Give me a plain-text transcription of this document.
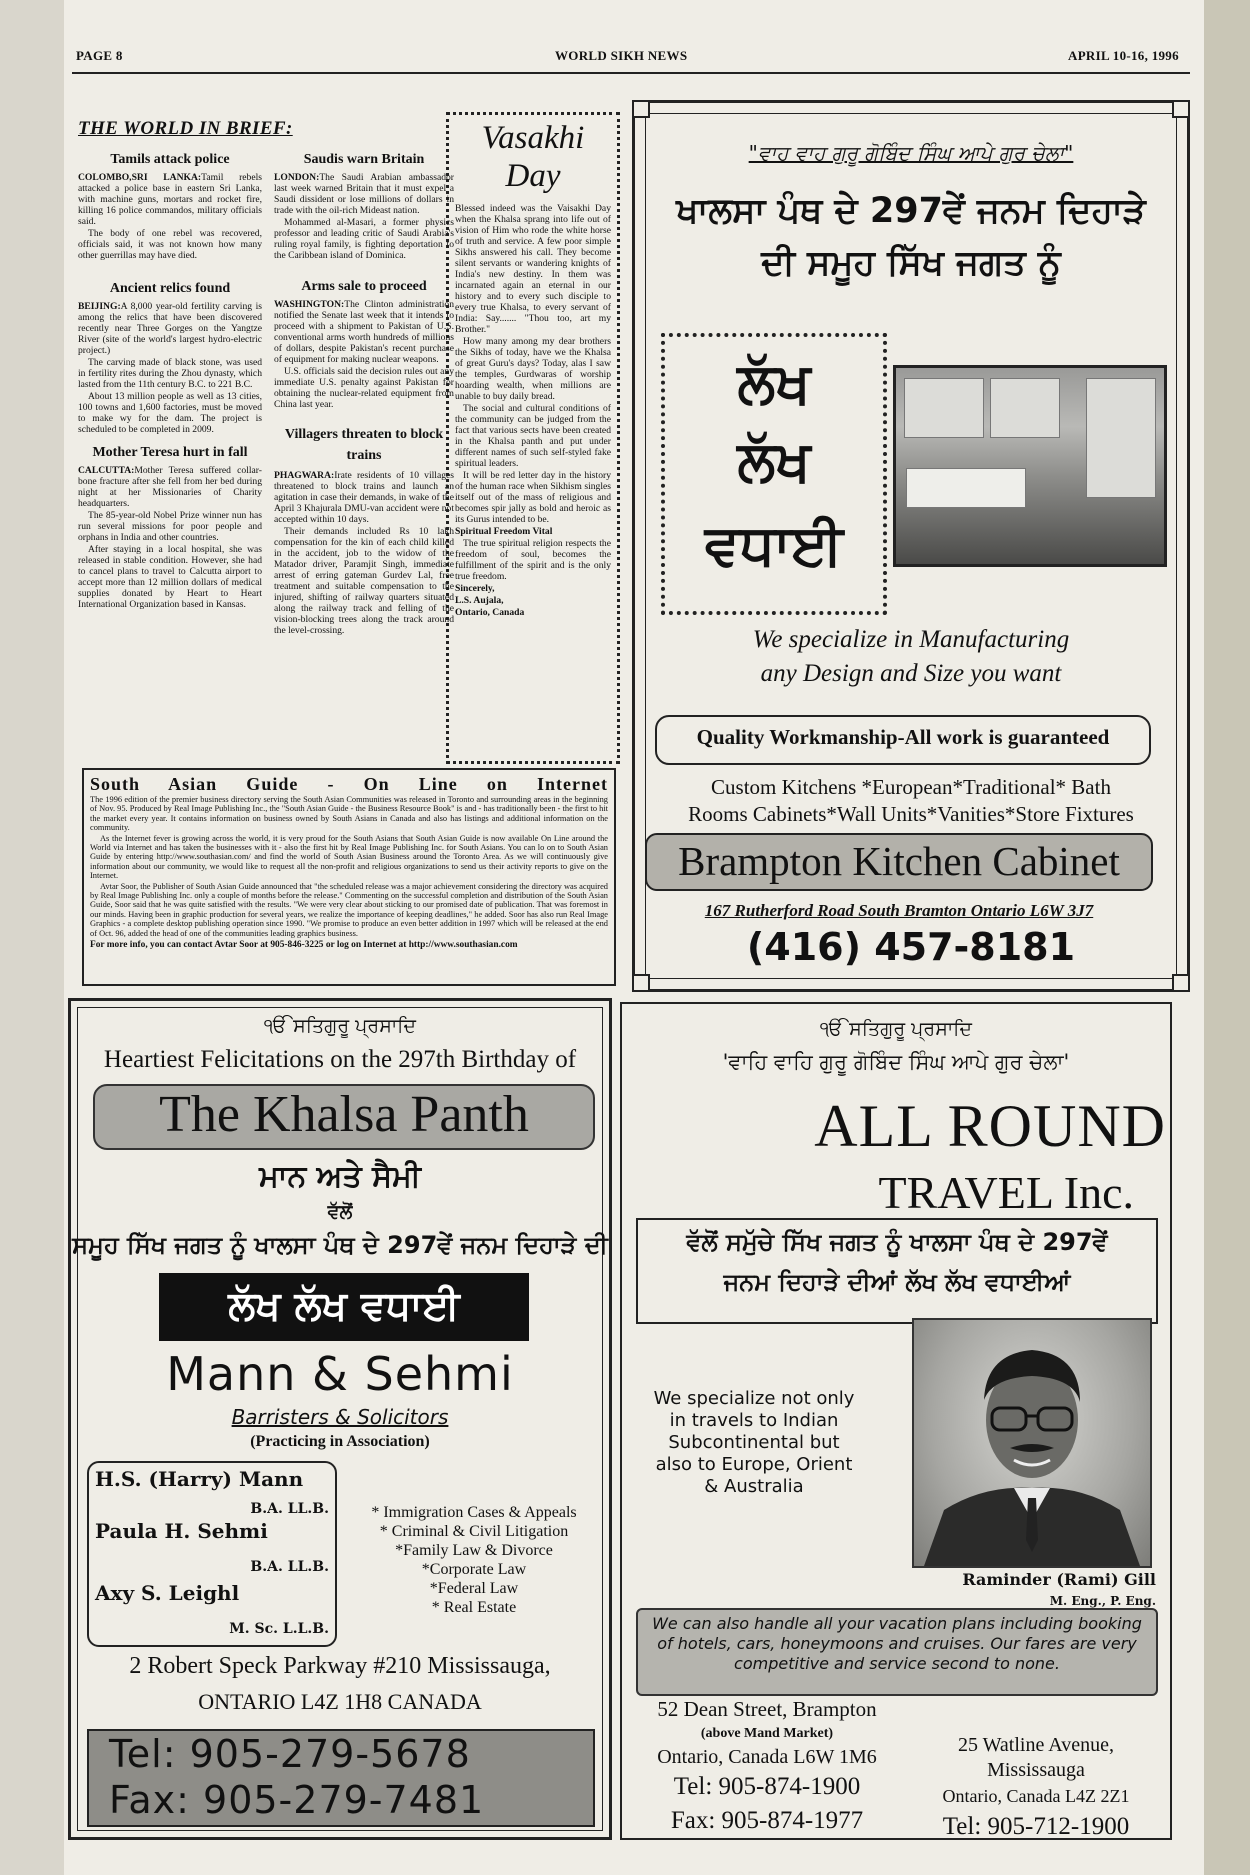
PAGE 8	WORLD SIKH NEWS	APRIL 10-16, 1996
THE WORLD IN BRIEF:
Tamils attack police

COLOMBO,SRI LANKA:Tamil rebels attacked a police base in eastern Sri Lanka, with machine guns, mortars and rocket fire, killing 16 police commandos, military officials said.

The body of one rebel was recovered, officials said, it was not known how many other guerrillas may have died.

Ancient relics found

BEIJING:A 8,000 year-old fertility carving is among the relics that have been discovered recently near Three Gorges on the Yangtze River (site of the world's largest hydro-electric project.)

The carving made of black stone, was used in fertility rites during the Zhou dynasty, which lasted from the 11th century B.C. to 221 B.C.

About 13 million people as well as 13 cities, 100 towns and 1,600 factories, must be moved to make wy for the dam. The project is scheduled to be completed in 2009.

Mother Teresa hurt in fall

CALCUTTA:Mother Teresa suffered collar-bone fracture after she fell from her bed during night at her Missionaries of Charity headquarters.

The 85-year-old Nobel Prize winner nun has run several missions for poor people and orphans in India and other countries.

After staying in a local hospital, she was released in stable condition. However, she had to cancel plans to travel to Calcutta airport to accept more than 12 million dollars of medical supplies donated by Heart to Heart International Organization based in Kansas.

Saudis warn Britain

LONDON:The Saudi Arabian ambassador last week warned Britain that it must expel a Saudi dissident or lose millions of dollars in trade with the oil-rich Mideast nation.

Mohammed al-Masari, a former physics professor and leading critic of Saudi Arabia's ruling royal family, is fighting deportation to the Caribbean island of Dominica.

Arms sale to proceed

WASHINGTON:The Clinton administration notified the Senate last week that it intends to proceed with a shipment to Pakistan of U.S. conventional arms worth hundreds of millions of dollars, despite Pakistan's recent purchase of equipment for making nuclear weapons.

U.S. officials said the decision rules out any immediate U.S. penalty against Pakistan for obtaining the nuclear-related equipment from China last year.

Villagers threaten to block trains

PHAGWARA:Irate residents of 10 villages threatened to block trains and launch an agitation in case their demands, in wake of the April 3 Khajurala DMU-van accident were not accepted within 10 days.

Their demands included Rs 10 lakh compensation for the kin of each child killed in the accident, job to the widow of the Matador driver, Paramjit Singh, immediate arrest of erring gateman Gurdev Lal, free treatment and suitable compensation to the injured, shifting of railway quarters situated along the railway track and felling of the vision-blocking trees along the track around the level-crossing.

Vasakhi
Day

Blessed indeed was the Vaisakhi Day when the Khalsa sprang into life out of vision of Him who rode the white horse of truth and service. A few poor simple Sikhs answered his call. They become silent servants or wandering knights of India's new destiny. In them was incarnated again an eternal in our history and to every such disciple to every true Khalsa, to every servant of India: Say....... "Thou too, art my Brother."

How many among my dear brothers the Sikhs of today, have we the Khalsa of great Guru's days? Today, alas I saw the temples, Gurdwaras of worship hoarding wealth, when millions are unable to buy daily bread.

The social and cultural conditions of the community can be judged from the fact that various sects have been created in the Khalsa panth and put under different names of such self-styled fake spiritual leaders.

It will be red letter day in the history of the human race when Sikhism singles itself out of the mass of religious and becomes spir jally as bold and heroic as its Gurus intended to be.

Spiritual Freedom Vital

The true spiritual religion respects the freedom of soul, becomes the fulfillment of the spirit and is the only true freedom.

Sincerely,

L.S. Aujala,

Ontario, Canada

South Asian Guide - On Line on Internet

The 1996 edition of the premier business directory serving the South Asian Communities was released in Toronto and surrounding areas in the beginning of Nov. 95. Produced by Real Image Publishing Inc., the "South Asian Guide - the Business Resource Book" is and - has traditionally been - the first to hit the market every year. It contains information on business owned by South Asians in Canada and also has listings and additional information on the community.

As the Internet fever is growing across the world, it is very proud for the South Asians that South Asian Guide is now available On Line around the World via Internet and has taken the businesses with it - also the first hit by Real Image Publishing Inc. for South Asians. You can lo on to South Asian Guide by entering http://www.southasian.com/ and find the world of South Asian Business around the Toronto Area. As we will continuously give information about our community, we would like to request all the non-profit and religious organizations to send us their activity reports to give on the Internet.

Avtar Soor, the Publisher of South Asian Guide announced that "the scheduled release was a major achievement considering the directory was acquired by Real Image Publishing Inc. only a couple of months before the release." Commenting on the successful completion and distribution of the South Asian Guide, Soor said that he was quite satisfied with the results. "We were very clear about sticking to our promised date of publication. That was foremost in our minds. Having been in graphic production for several years, we realize the importance of keeping deadlines," he added. Soor has also run Real Image Graphics - a complete desktop publishing operation since 1990. "We promise to produce an even better addition in 1997 which will be released at the end of Oct. 96, added the head of one of the communities leading graphics business.

For more info, you can contact Avtar Soor at 905-846-3225 or log on Internet at http://www.southasian.com
"ਵਾਹ ਵਾਹ ਗੁਰੂ ਗੋਬਿੰਦ ਸਿੰਘ ਆਪੇ ਗੁਰ ਚੇਲਾ"
ਖਾਲਸਾ ਪੰਥ ਦੇ 297ਵੇਂ ਜਨਮ ਦਿਹਾੜੇ
ਦੀ ਸਮੂਹ ਸਿੱਖ ਜਗਤ ਨੂੰ
ਲੱਖ
ਲੱਖ
ਵਧਾਈ
We specialize in Manufacturing
any Design and Size you want
Quality Workmanship-All work is guaranteed
Custom Kitchens *European*Traditional* Bath
Rooms Cabinets*Wall Units*Vanities*Store Fixtures
Brampton Kitchen Cabinet
167 Rutherford Road South Bramton Ontario L6W 3J7
(416) 457-8181
ੴ ਸਤਿਗੁਰੂ ਪ੍ਰਸਾਦਿ
Heartiest Felicitations on the 297th Birthday of
The Khalsa Panth
ਮਾਨ ਅਤੇ ਸੈਮੀ
ਵੱਲੋਂ
ਸਮੂਹ ਸਿੱਖ ਜਗਤ ਨੂੰ ਖਾਲਸਾ ਪੰਥ ਦੇ 297ਵੇਂ ਜਨਮ ਦਿਹਾੜੇ ਦੀ
ਲੱਖ ਲੱਖ ਵਧਾਈ
Mann & Sehmi
Barristers & Solicitors
(Practicing in Association)
H.S. (Harry) Mann
B.A. LL.B.
Paula H. Sehmi
B.A. LL.B.
Axy S. Leighl
M. Sc. L.L.B.
* Immigration Cases & Appeals
* Criminal & Civil Litigation
*Family Law & Divorce
*Corporate Law
*Federal Law
* Real Estate
2 Robert Speck Parkway #210 Mississauga,
ONTARIO L4Z 1H8 CANADA
Tel: 905-279-5678
Fax: 905-279-7481
ੴ ਸਤਿਗੁਰੂ ਪ੍ਰਸਾਦਿ
'ਵਾਹਿ ਵਾਹਿ ਗੁਰੂ ਗੋਬਿੰਦ ਸਿੰਘ ਆਪੇ ਗੁਰ ਚੇਲਾ'
ALL ROUND
TRAVEL Inc.
ਵੱਲੋਂ ਸਮੁੱਚੇ ਸਿੱਖ ਜਗਤ ਨੂੰ ਖਾਲਸਾ ਪੰਥ ਦੇ 297ਵੇਂ
ਜਨਮ ਦਿਹਾੜੇ ਦੀਆਂ ਲੱਖ ਲੱਖ ਵਧਾਈਆਂ
We specialize not only
in travels to Indian
Subcontinental but
also to Europe, Orient
& Australia
Raminder (Rami) Gill
M. Eng., P. Eng.
We can also handle all your vacation plans including booking of hotels, cars, honeymoons and cruises. Our fares are very competitive and service second to none.
52 Dean Street, Brampton
(above Mand Market)
Ontario, Canada L6W 1M6
Tel: 905-874-1900
Fax: 905-874-1977
25 Watline Avenue,
Mississauga
Ontario, Canada L4Z 2Z1
Tel: 905-712-1900
